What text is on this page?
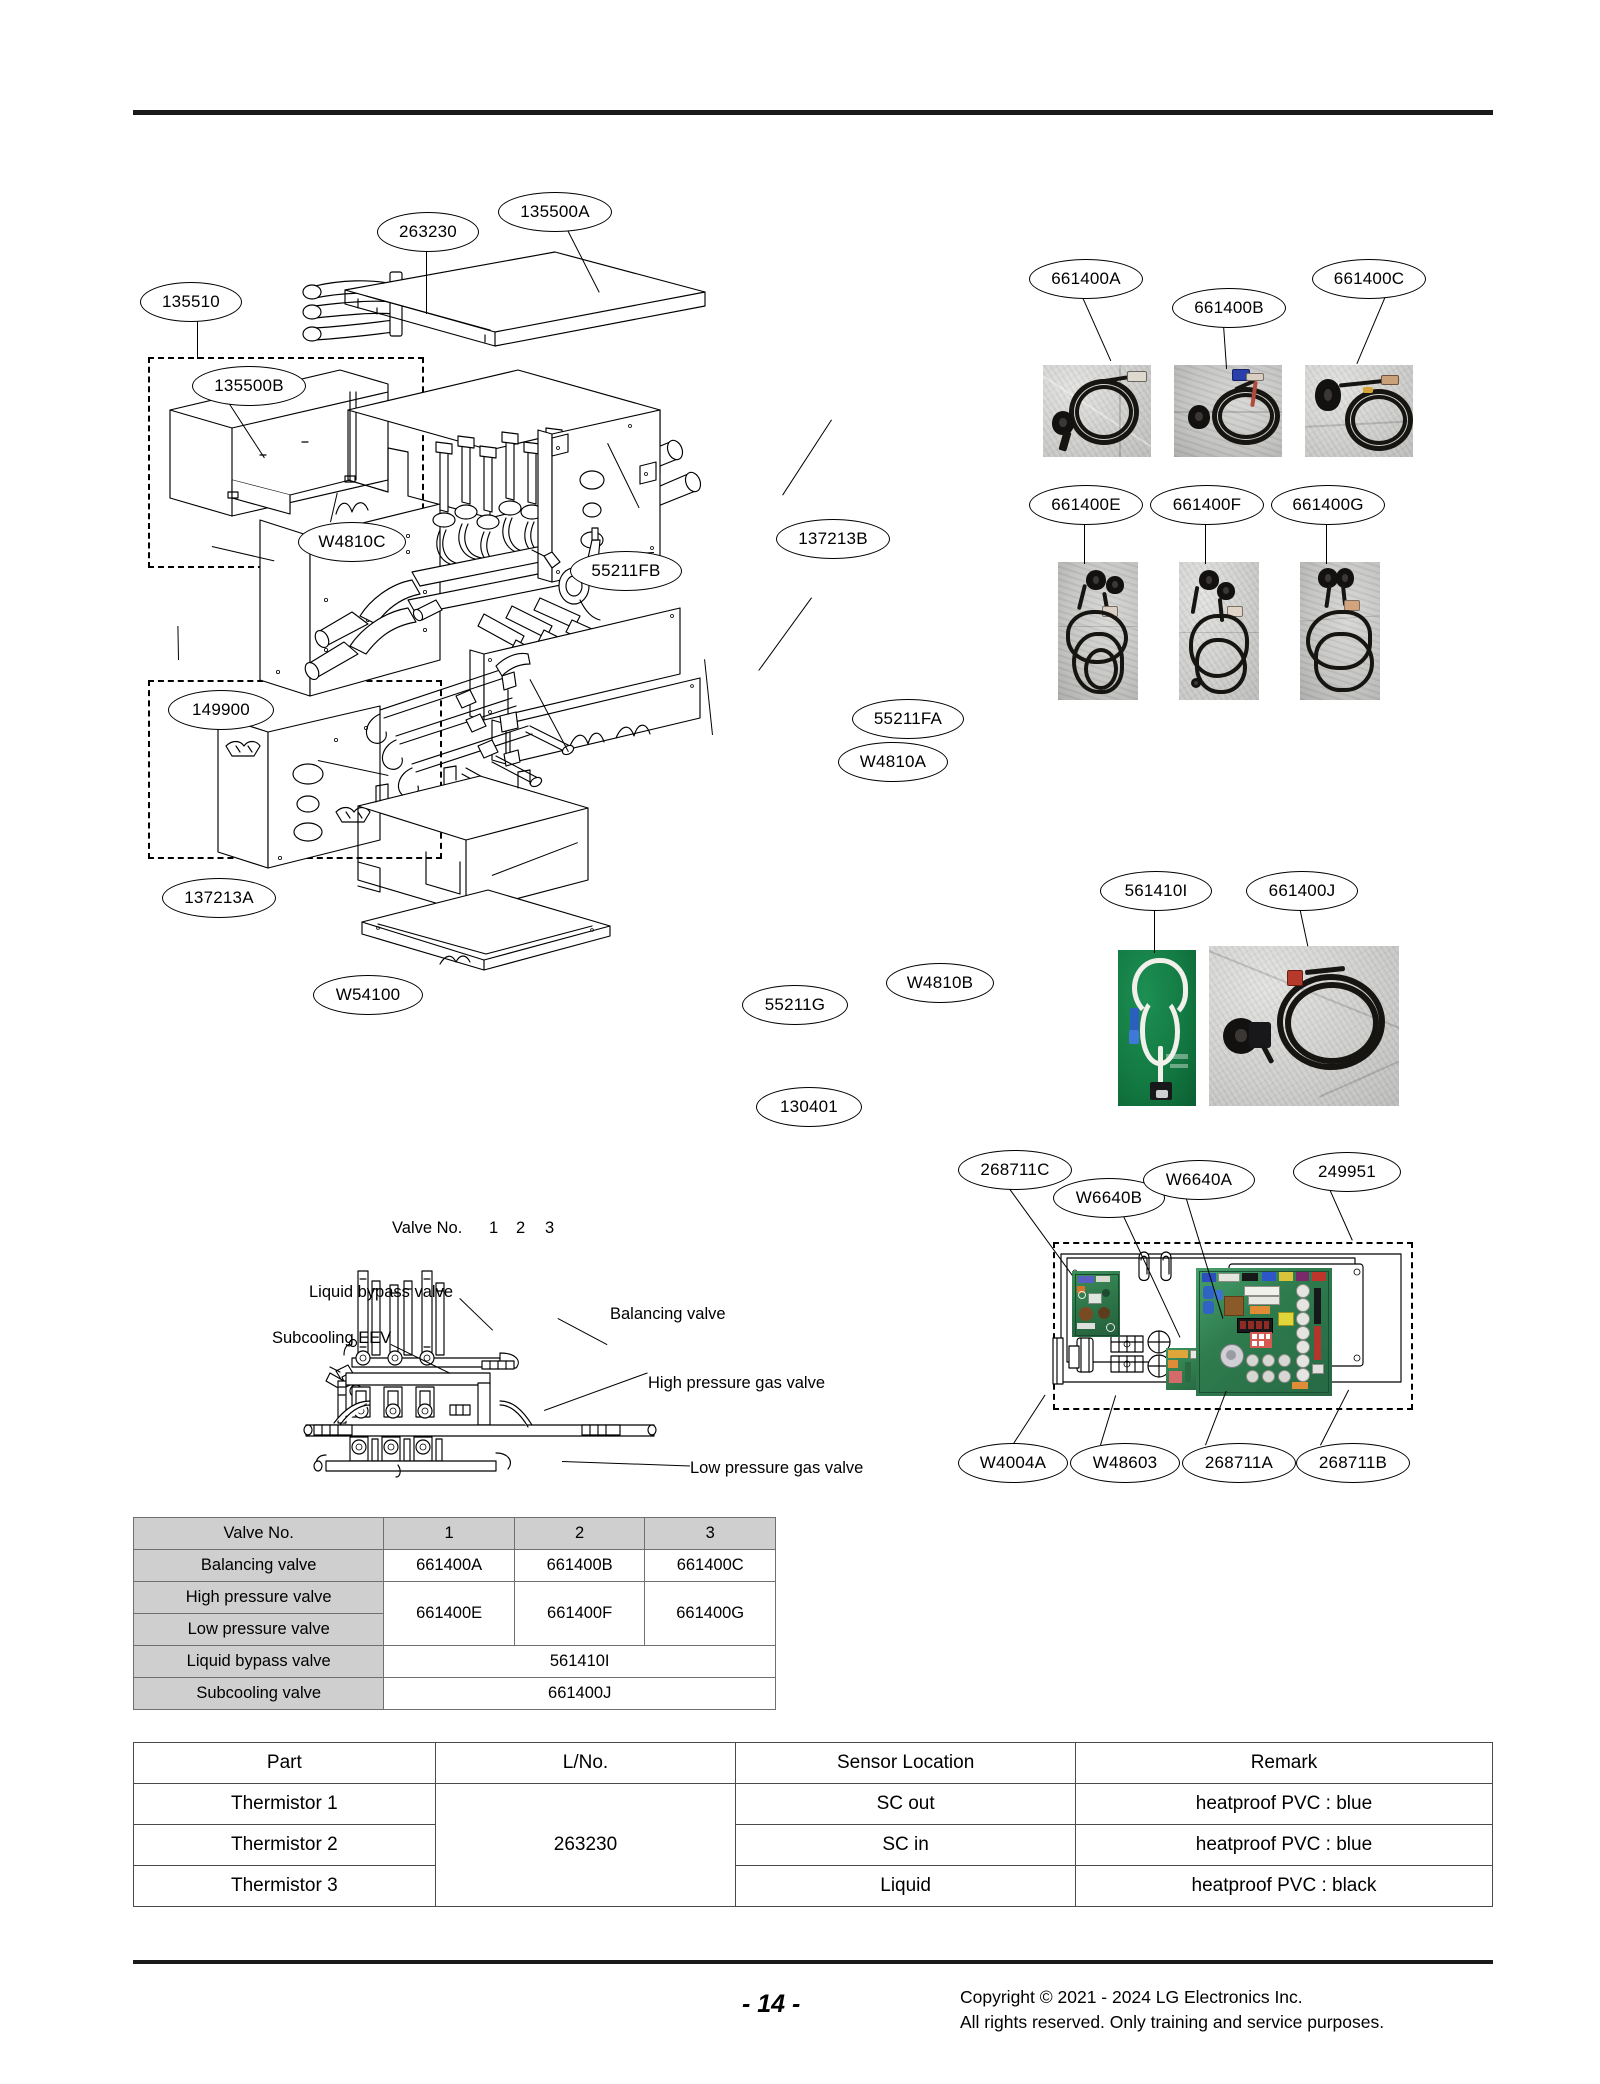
Valve No. 1 2 3
Liquid bypass valve
Subcooling EEV
Balancing valve
High pressure gas valve
Low pressure gas valve
135510
263230
135500A
135500B
W4810C
55211FB
137213B
55211FA
W4810A
149900
137213A
W54100
55211G
W4810B
130401
661400A
661400B
661400C
661400E	661400F	661400G
561410I	661400J
268711C
W6640B
W6640A	249951
W4004A	W48603	268711A	268711B
Valve No.	1	2	3
Balancing valve	661400A	661400B	661400C
High pressure valve	661400E	661400F	661400G
Low pressure valve			
Liquid bypass valve	561410I		
Subcooling valve	661400J		
Part	L/No.	Sensor Location	Remark
Thermistor 1	263230	SC out	heatproof PVC : blue
Thermistor 2		SC in	heatproof PVC : blue
Thermistor 3		Liquid	heatproof PVC : black
- 14 -	Copyright © 2021 - 2024 LG Electronics Inc.
All rights reserved. Only training and service purposes.
